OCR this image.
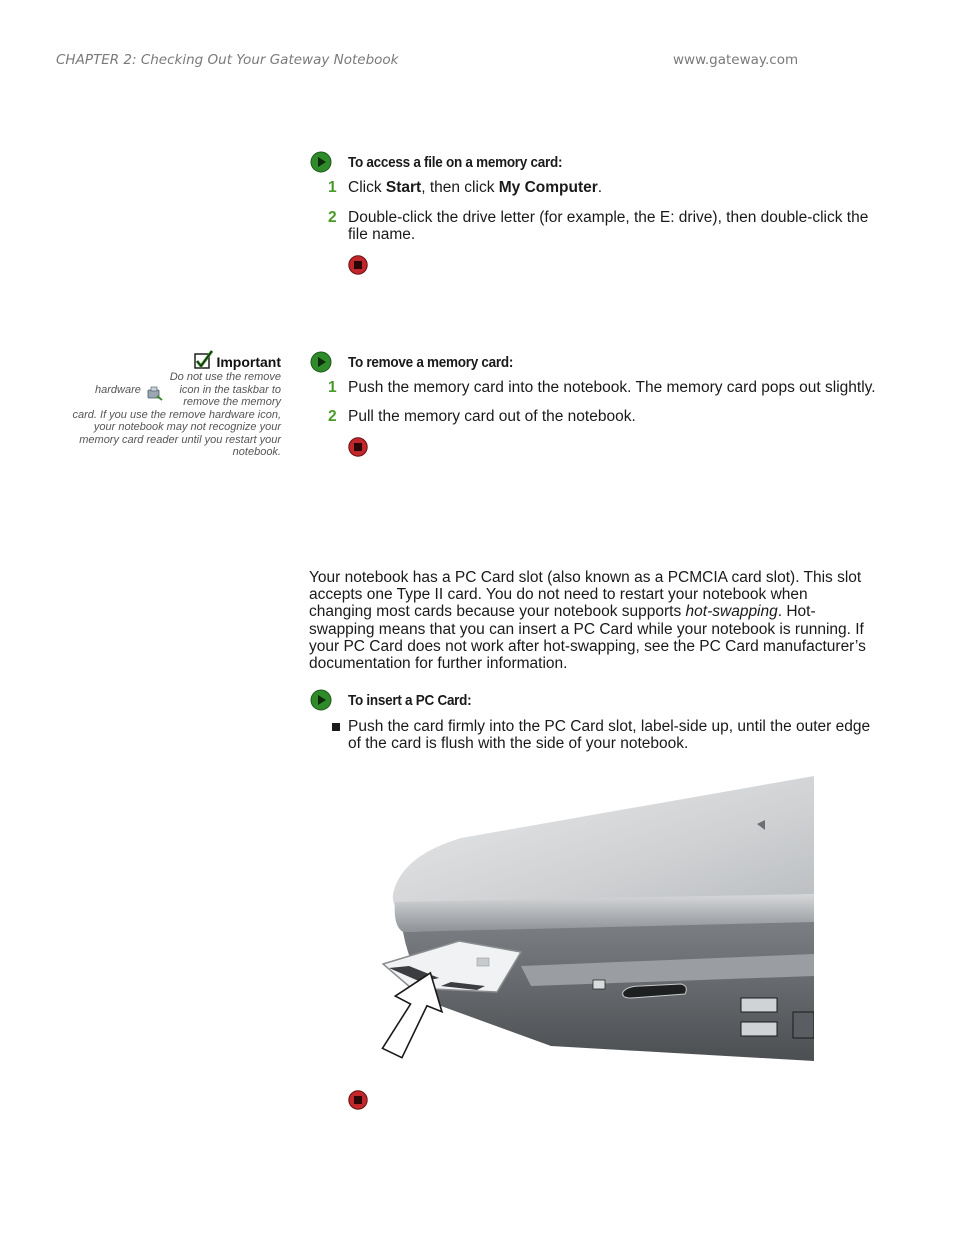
CHAPTER 2: Checking Out Your Gateway Notebook	www.gateway.com
To access a file on a memory card:
1 Click Start, then click My Computer.
2 Double-click the drive letter (for example, the E: drive), then double-click the file name.
Important
Do not use the remove
hardware	icon in the taskbar to remove the memory card. If you use the remove hardware icon, your notebook may not recognize your memory card reader until you restart your notebook.
To remove a memory card:
1 Push the memory card into the notebook. The memory card pops out slightly.
2 Pull the memory card out of the notebook.
Your notebook has a PC Card slot (also known as a PCMCIA card slot). This slot accepts one Type II card. You do not need to restart your notebook when changing most cards because your notebook supports hot-swapping. Hot-swapping means that you can insert a PC Card while your notebook is running. If your PC Card does not work after hot-swapping, see the PC Card manufacturer’s documentation for further information.
To insert a PC Card:
Push the card firmly into the PC Card slot, label-side up, until the outer edge of the card is flush with the side of your notebook.
